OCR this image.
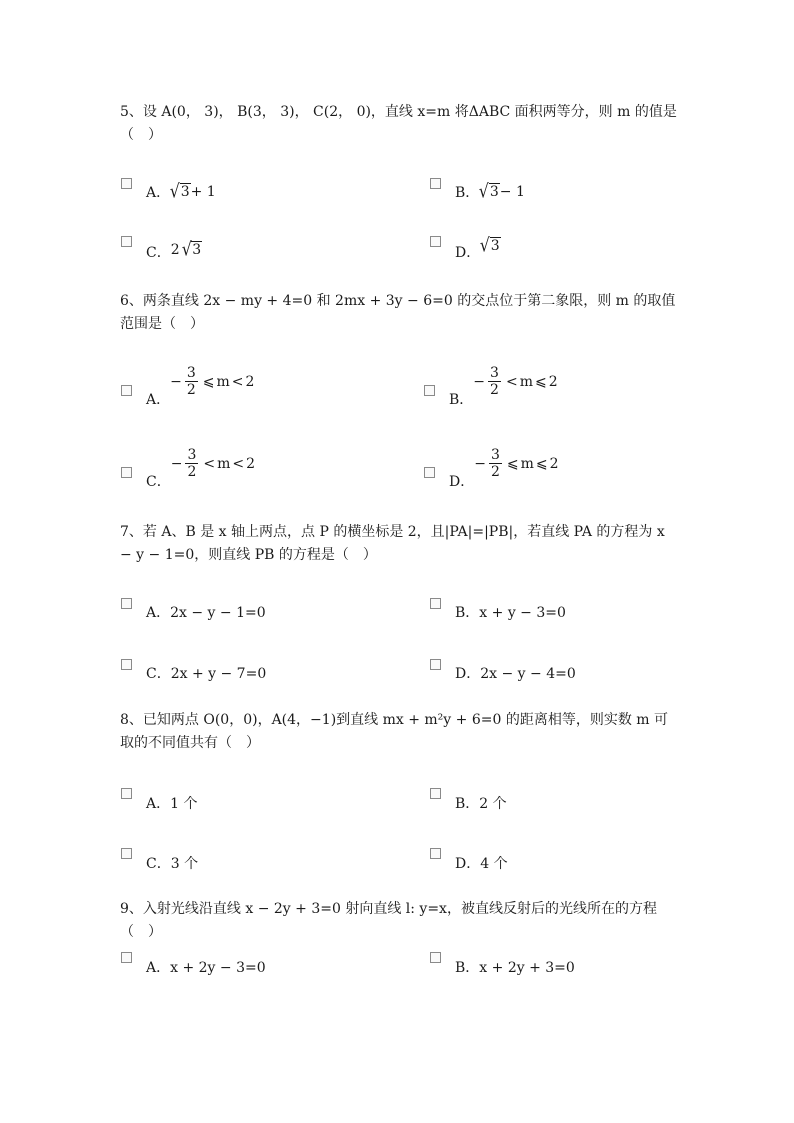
5、设 A(0， 3)， B(3， 3)， C(2， 0)，直线 x=m 将ΔABC 面积两等分，则 m 的值是（　）
A． √ 3 + 1	B． √ 3 − 1
C． 2 √ 3	D． √ 3
6、两条直线 2x − my + 4=0 和 2mx + 3y − 6=0 的交点位于第二象限，则 m 的取值范围是（　）
A．
− $\frac{3}{2}$ ⩽ m < 2
B．
− $\frac{3}{2} < m$ ⩽ 2
C．
− $\frac{3}{2} < m < 2$
D．
− $\frac{3}{2}$ ⩽ m ⩽ 2
7、若 A、B 是 x 轴上两点，点 P 的横坐标是 2，且|PA|=|PB|，若直线 PA 的方程为 x − y − 1=0，则直线 PB 的方程是（　）
A．2x − y − 1=0	B．x + y − 3=0
C．2x + y − 7=0	D．2x − y − 4=0
8、已知两点 O(0，0)，A(4，−1)到直线 mx + m²y + 6=0 的距离相等，则实数 m 可取的不同值共有（　）
A．1 个	B．2 个
C．3 个	D．4 个
9、入射光线沿直线 x − 2y + 3=0 射向直线 l: y=x，被直线反射后的光线所在的方程（　）
A．x + 2y − 3=0	B．x + 2y + 3=0
